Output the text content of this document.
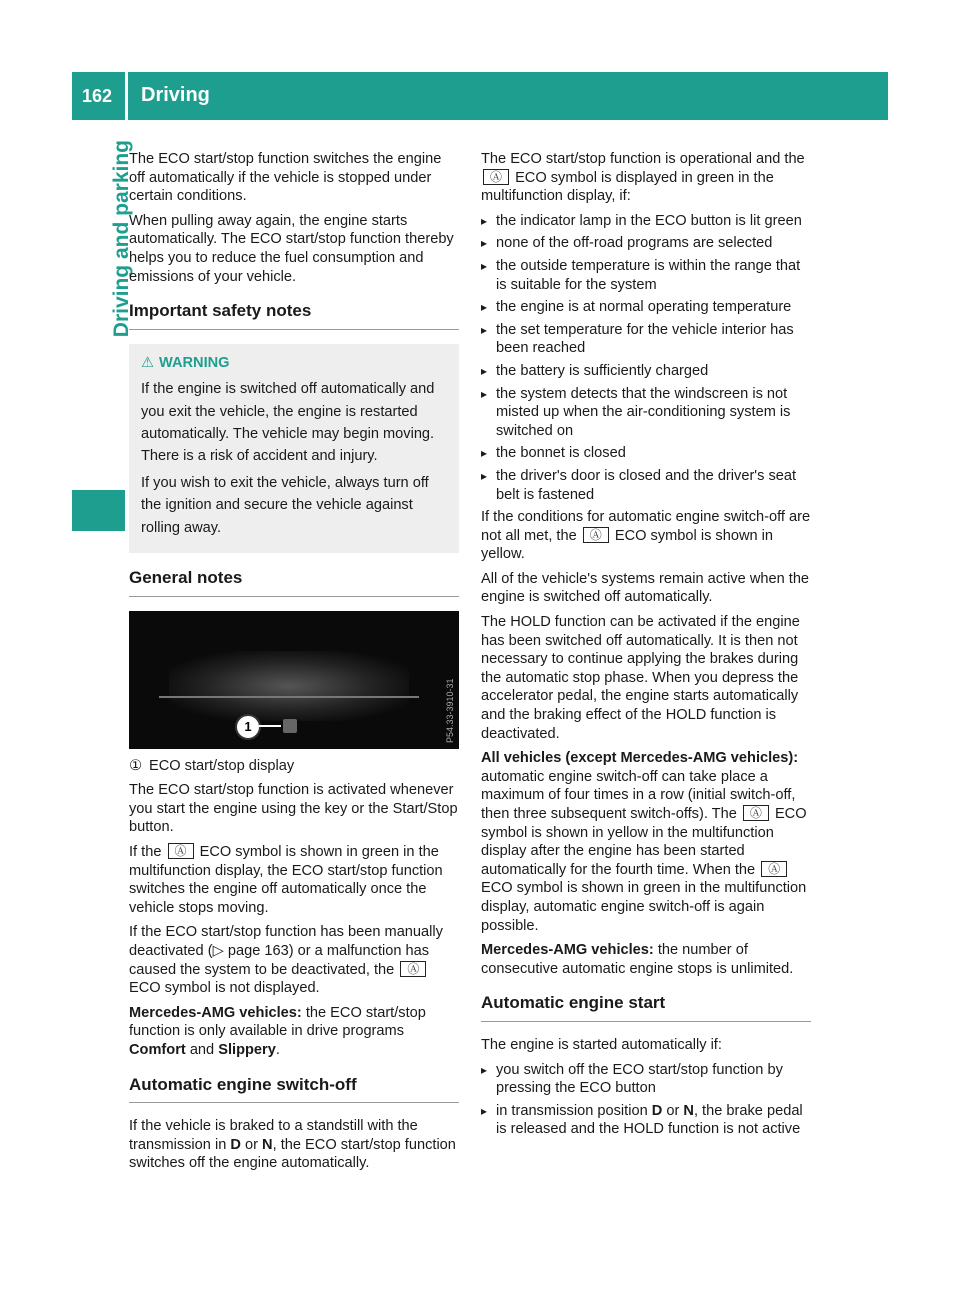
162 Driving
Driving and parking

The ECO start/stop function switches the engine off automatically if the vehicle is stopped under certain conditions.

When pulling away again, the engine starts automatically. The ECO start/stop function thereby helps you to reduce the fuel consumption and emissions of your vehicle.

Important safety notes
⚠ WARNING

If the engine is switched off automatically and you exit the vehicle, the engine is restarted automatically. The vehicle may begin moving. There is a risk of accident and injury.

If you wish to exit the vehicle, always turn off the ignition and secure the vehicle against rolling away.

General notes
1	P54.33-3910-31

① ECO start/stop display

The ECO start/stop function is activated whenever you start the engine using the key or the Start/Stop button.

If the Ⓐ ECO symbol is shown in green in the multifunction display, the ECO start/stop function switches the engine off automatically once the vehicle stops moving.

If the ECO start/stop function has been manually deactivated (▷ page 163) or a malfunction has caused the system to be deactivated, the Ⓐ ECO symbol is not displayed.

Mercedes-AMG vehicles: the ECO start/stop function is only available in drive programs Comfort and Slippery.

Automatic engine switch-off

If the vehicle is braked to a standstill with the transmission in D or N, the ECO start/stop function switches off the engine automatically.

The ECO start/stop function is operational and the Ⓐ ECO symbol is displayed in green in the multifunction display, if:

▸ the indicator lamp in the ECO button is lit green
▸ none of the off-road programs are selected
▸ the outside temperature is within the range that is suitable for the system
▸ the engine is at normal operating temperature
▸ the set temperature for the vehicle interior has been reached
▸ the battery is sufficiently charged
▸ the system detects that the windscreen is not misted up when the air-conditioning system is switched on
▸ the bonnet is closed
▸ the driver's door is closed and the driver's seat belt is fastened

If the conditions for automatic engine switch-off are not all met, the Ⓐ ECO symbol is shown in yellow.

All of the vehicle's systems remain active when the engine is switched off automatically.

The HOLD function can be activated if the engine has been switched off automatically. It is then not necessary to continue applying the brakes during the automatic stop phase. When you depress the accelerator pedal, the engine starts automatically and the braking effect of the HOLD function is deactivated.

All vehicles (except Mercedes-AMG vehicles): automatic engine switch-off can take place a maximum of four times in a row (initial switch-off, then three subsequent switch-offs). The Ⓐ ECO symbol is shown in yellow in the multifunction display after the engine has been started automatically for the fourth time. When the Ⓐ ECO symbol is shown in green in the multifunction display, automatic engine switch-off is again possible.

Mercedes-AMG vehicles: the number of consecutive automatic engine stops is unlimited.

Automatic engine start

The engine is started automatically if:

▸ you switch off the ECO start/stop function by pressing the ECO button
▸ in transmission position D or N, the brake pedal is released and the HOLD function is not active
